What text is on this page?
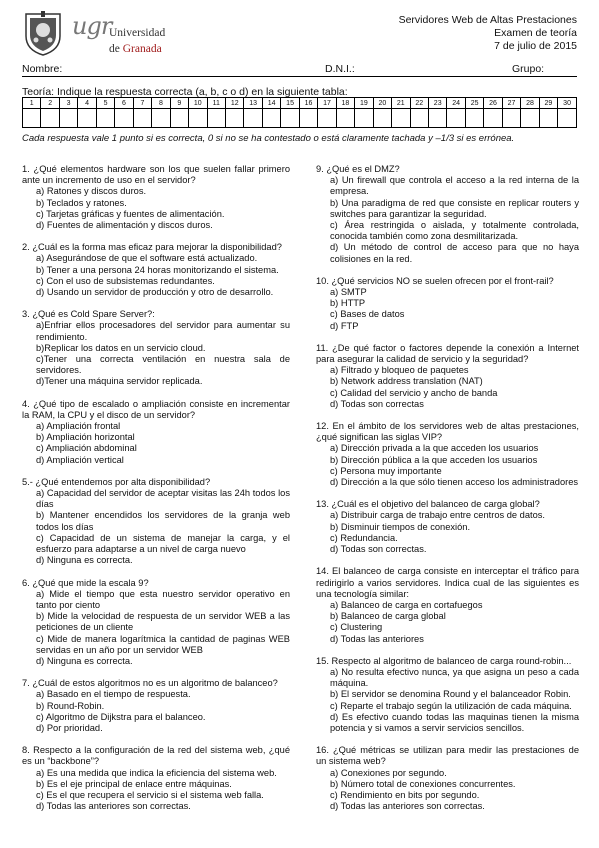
ugr
Universidad
de Granada
Servidores Web de Altas Prestaciones
Examen de teoría
7 de julio de 2015
Nombre:	D.N.I.:	Grupo:
Teoría: Indique la respuesta correcta (a, b, c o d) en la siguiente tabla:
1	2	3	4	5	6	7	8	9	10	11	12	13	14	15	16	17	18	19	20	21	22	23	24	25	26	27	28	29	30

Cada respuesta vale 1 punto si es correcta, 0 si no se ha contestado o está claramente tachada y –1/3 si es errónea.
1. ¿Qué elementos hardware son los que suelen fallar primero ante un incremento de uso en el servidor?
a) Ratones y discos duros.
b) Teclados y ratones.
c) Tarjetas gráficas y fuentes de alimentación.
d) Fuentes de alimentación y discos duros.
2. ¿Cuál es la forma mas eficaz para mejorar la disponibilidad?
a) Asegurándose de que el software está actualizado.
b) Tener a una persona 24 horas monitorizando el sistema.
c) Con el uso de subsistemas redundantes.
d) Usando un servidor de producción y otro de desarrollo.
3. ¿Qué es Cold Spare Server?:
a)Enfriar ellos procesadores del servidor para aumentar su rendimiento.
b)Replicar los datos en un servicio cloud.
c)Tener una correcta ventilación en nuestra sala de servidores.
d)Tener una máquina servidor replicada.
4. ¿Qué tipo de escalado o ampliación consiste en incrementar la RAM, la CPU y el disco de un servidor?
a) Ampliación frontal
b) Ampliación horizontal
c) Ampliación abdominal
d) Ampliación vertical
5.- ¿Qué entendemos por alta disponibilidad?
a) Capacidad del servidor de aceptar visitas las 24h todos los días
b) Mantener encendidos los servidores de la granja web todos los días
c) Capacidad de un sistema de manejar la carga, y el esfuerzo para adaptarse a un nivel de carga nuevo
d) Ninguna es correcta.
6. ¿Qué que mide la escala 9?
a) Mide el tiempo que esta nuestro servidor operativo en tanto por ciento
b) Mide la velocidad de respuesta de un servidor WEB a las peticiones de un cliente
c) Mide de manera logarítmica la cantidad de paginas WEB servidas en un año por un servidor WEB
d) Ninguna es correcta.
7. ¿Cuál de estos algoritmos no es un algoritmo de balanceo?
a) Basado en el tiempo de respuesta.
b) Round-Robin.
c) Algoritmo de Dijkstra para el balanceo.
d) Por prioridad.
8. Respecto a la configuración de la red del sistema web, ¿qué es un “backbone”?
a) Es una medida que indica la eficiencia del sistema web.
b) Es el eje principal de enlace entre máquinas.
c) Es el que recupera el servicio si el sistema web falla.
d) Todas las anteriores son correctas.
9. ¿Qué es el DMZ?
a) Un firewall que controla el acceso a la red interna de la empresa.
b) Una paradigma de red que consiste en replicar routers y switches para garantizar la seguridad.
c) Área restringida o aislada, y totalmente controlada, conocida también como zona desmilitarizada.
d) Un método de control de acceso para que no haya colisiones en la red.
10. ¿Qué servicios NO se suelen ofrecen por el front-rail?
a) SMTP
b) HTTP
c) Bases de datos
d) FTP
11. ¿De qué factor o factores depende la conexión a Internet para asegurar la calidad de servicio y la seguridad?
a) Filtrado y bloqueo de paquetes
b) Network address translation (NAT)
c) Calidad del servicio y ancho de banda
d) Todas son correctas
12. En el ámbito de los servidores web de altas prestaciones, ¿qué significan las siglas VIP?
a) Dirección privada a la que acceden los usuarios
b) Dirección pública a la que acceden los usuarios
c) Persona muy importante
d) Dirección a la que sólo tienen acceso los administradores
13. ¿Cuál es el objetivo del balanceo de carga global?
a) Distribuir carga de trabajo entre centros de datos.
b) Disminuir tiempos de conexión.
c) Redundancia.
d) Todas son correctas.
14. El balanceo de carga consiste en interceptar el tráfico para redirigirlo a varios servidores. Indica cual de las siguientes es una tecnología similar:
a) Balanceo de carga en cortafuegos
b) Balanceo de carga global
c) Clustering
d) Todas las anteriores
15. Respecto al algoritmo de balanceo de carga round-robin...
a) No resulta efectivo nunca, ya que asigna un peso a cada máquina.
b) El servidor se denomina Round y el balanceador Robin.
c) Reparte el trabajo según la utilización de cada máquina.
d) Es efectivo cuando todas las maquinas tienen la misma potencia y si vamos a servir servicios sencillos.
16. ¿Qué métricas se utilizan para medir las prestaciones de un sistema web?
a) Conexiones por segundo.
b) Número total de conexiones concurrentes.
c) Rendimiento en bits por segundo.
d) Todas las anteriores son correctas.
